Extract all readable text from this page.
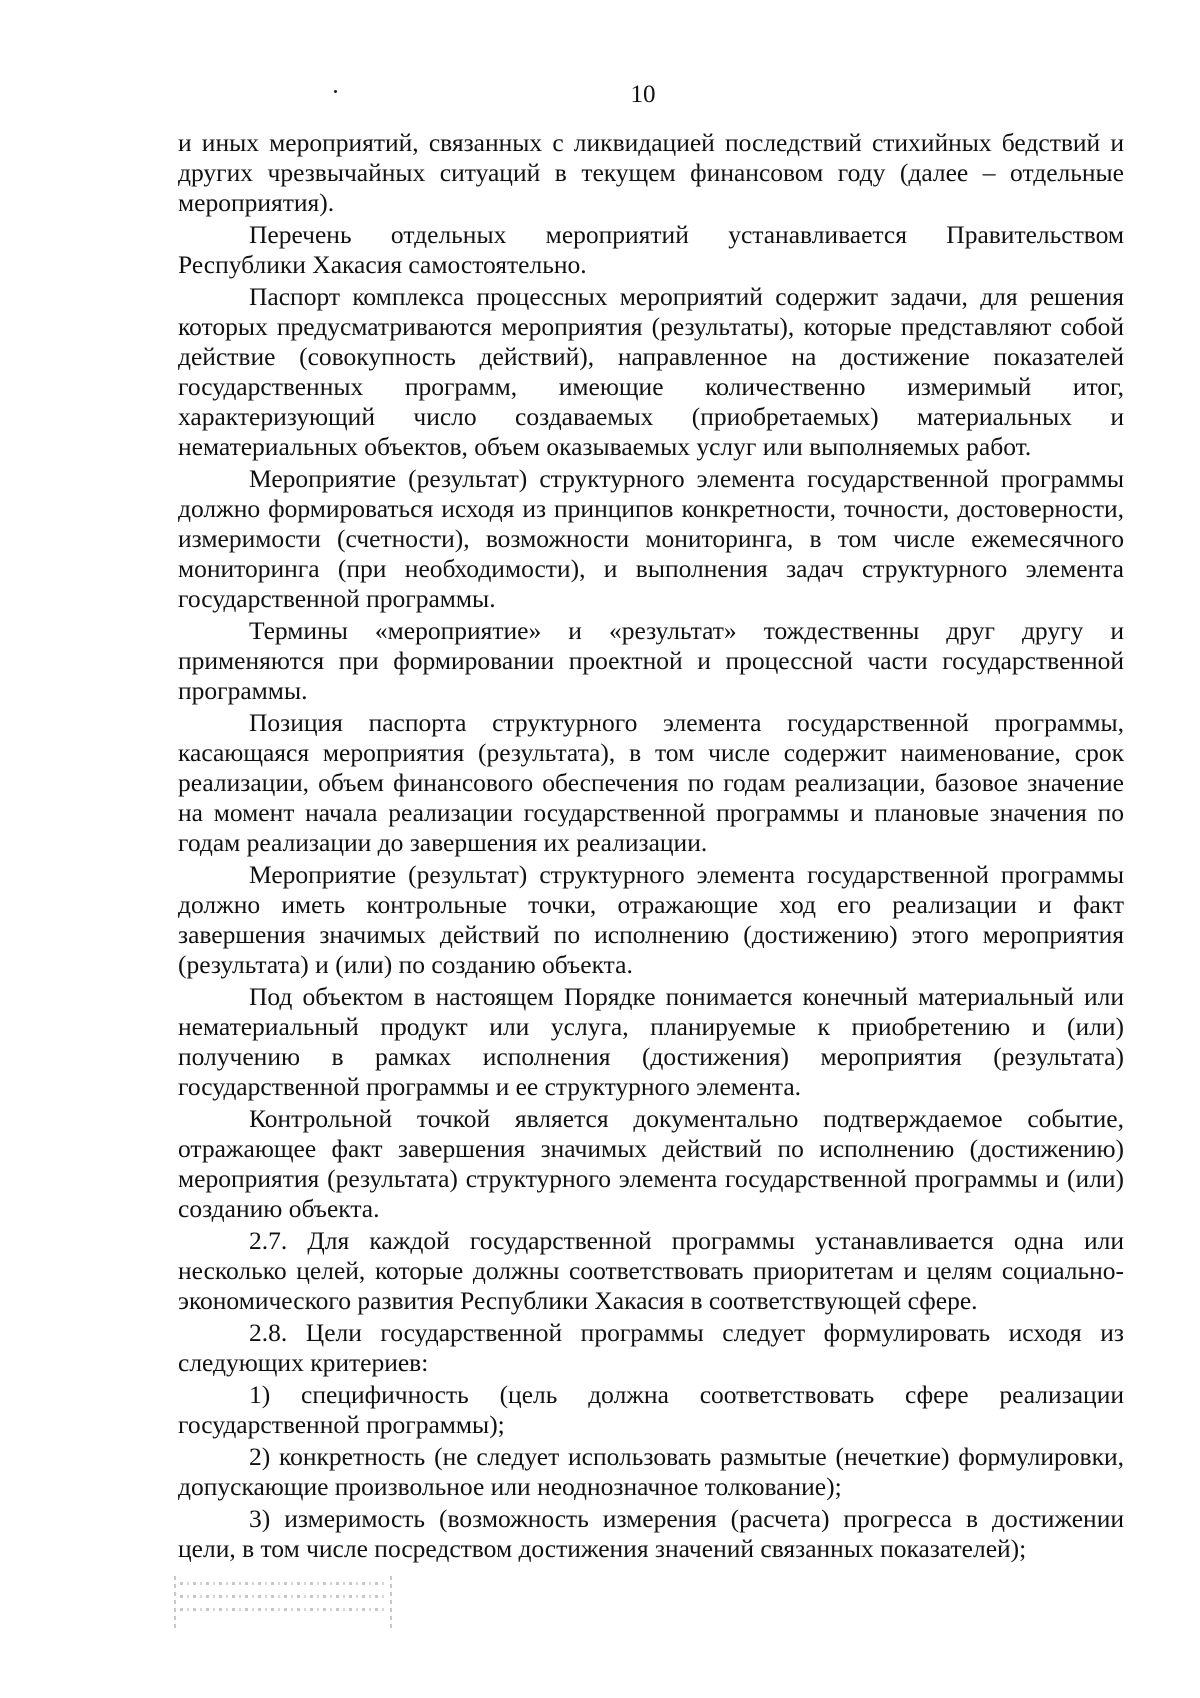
10

и иных мероприятий, связанных с ликвидацией последствий стихийных бедствий и других чрезвычайных ситуаций в текущем финансовом году (далее – отдельные мероприятия).

Перечень отдельных мероприятий устанавливается Правительством Республики Хакасия самостоятельно.

Паспорт комплекса процессных мероприятий содержит задачи, для решения которых предусматриваются мероприятия (результаты), которые представляют собой действие (совокупность действий), направленное на достижение показателей государственных программ, имеющие количественно измеримый итог, характеризующий число создаваемых (приобретаемых) материальных и нематериальных объектов, объем оказываемых услуг или выполняемых работ.

Мероприятие (результат) структурного элемента государственной программы должно формироваться исходя из принципов конкретности, точности, достоверности, измеримости (счетности), возможности мониторинга, в том числе ежемесячного мониторинга (при необходимости), и выполнения задач структурного элемента государственной программы.

Термины «мероприятие» и «результат» тождественны друг другу и применяются при формировании проектной и процессной части государственной программы.

Позиция паспорта структурного элемента государственной программы, касающаяся мероприятия (результата), в том числе содержит наименование, срок реализации, объем финансового обеспечения по годам реализации, базовое значение на момент начала реализации государственной программы и плановые значения по годам реализации до завершения их реализации.

Мероприятие (результат) структурного элемента государственной программы должно иметь контрольные точки, отражающие ход его реализации и факт завершения значимых действий по исполнению (достижению) этого мероприятия (результата) и (или) по созданию объекта.

Под объектом в настоящем Порядке понимается конечный материальный или нематериальный продукт или услуга, планируемые к приобретению и (или) получению в рамках исполнения (достижения) мероприятия (результата) государственной программы и ее структурного элемента.

Контрольной точкой является документально подтверждаемое событие, отражающее факт завершения значимых действий по исполнению (достижению) мероприятия (результата) структурного элемента государственной программы и (или) созданию объекта.

2.7. Для каждой государственной программы устанавливается одна или несколько целей, которые должны соответствовать приоритетам и целям социально-экономического развития Республики Хакасия в соответствующей сфере.

2.8. Цели государственной программы следует формулировать исходя из следующих критериев:

1) специфичность (цель должна соответствовать сфере реализации государственной программы);

2) конкретность (не следует использовать размытые (нечеткие) формулировки, допускающие произвольное или неоднозначное толкование);

3) измеримость (возможность измерения (расчета) прогресса в достижении цели, в том числе посредством достижения значений связанных показателей);
